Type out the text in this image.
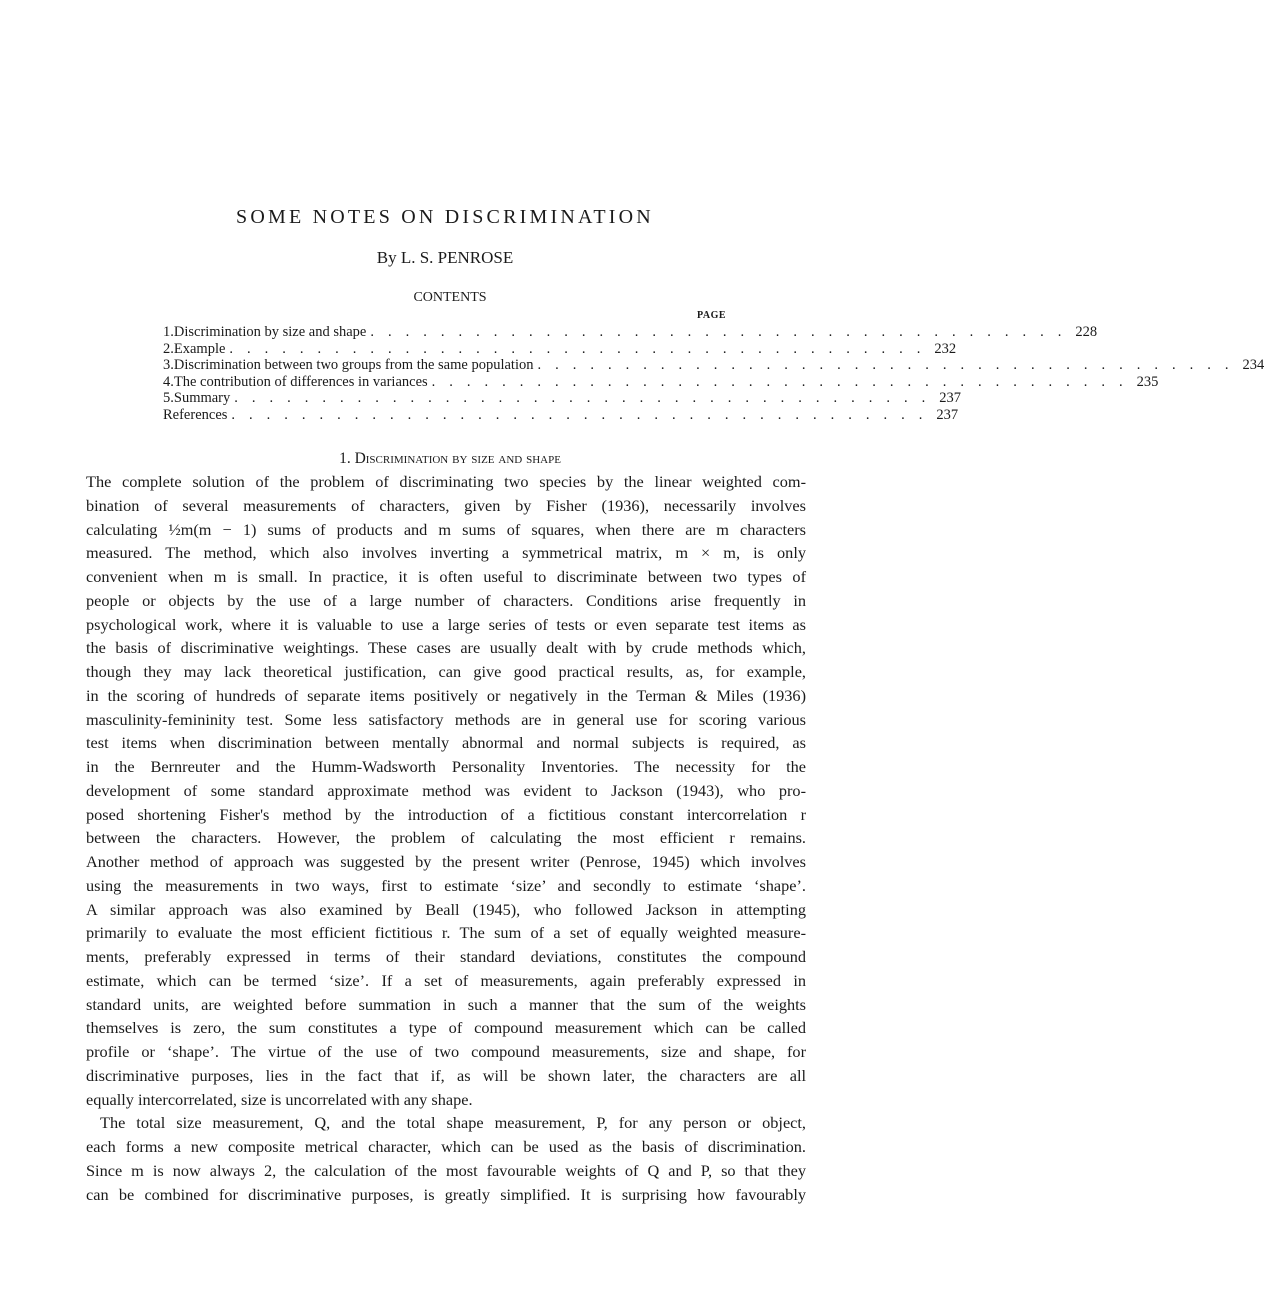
SOME NOTES ON DISCRIMINATION
By L. S. PENROSE
CONTENTS
PAGE
1. Discrimination by size and shape ........................................ 228
2. Example ........................................ 232
3. Discrimination between two groups from the same population ........................................ 234
4. The contribution of differences in variances ........................................ 235
5. Summary ........................................ 237
References ........................................ 237
1. Discrimination by size and shape
The complete solution of the problem of discriminating two species by the linear weighted com-
bination of several measurements of characters, given by Fisher (1936), necessarily involves
calculating ½m(m − 1) sums of products and m sums of squares, when there are m characters
measured. The method, which also involves inverting a symmetrical matrix, m × m, is only
convenient when m is small. In practice, it is often useful to discriminate between two types of
people or objects by the use of a large number of characters. Conditions arise frequently in
psychological work, where it is valuable to use a large series of tests or even separate test items as
the basis of discriminative weightings. These cases are usually dealt with by crude methods which,
though they may lack theoretical justification, can give good practical results, as, for example,
in the scoring of hundreds of separate items positively or negatively in the Terman & Miles (1936)
masculinity-femininity test. Some less satisfactory methods are in general use for scoring various
test items when discrimination between mentally abnormal and normal subjects is required, as
in the Bernreuter and the Humm-Wadsworth Personality Inventories. The necessity for the
development of some standard approximate method was evident to Jackson (1943), who pro-
posed shortening Fisher's method by the introduction of a fictitious constant intercorrelation r
between the characters. However, the problem of calculating the most efficient r remains.
Another method of approach was suggested by the present writer (Penrose, 1945) which involves
using the measurements in two ways, first to estimate ‘size’ and secondly to estimate ‘shape’.
A similar approach was also examined by Beall (1945), who followed Jackson in attempting
primarily to evaluate the most efficient fictitious r. The sum of a set of equally weighted measure-
ments, preferably expressed in terms of their standard deviations, constitutes the compound
estimate, which can be termed ‘size’. If a set of measurements, again preferably expressed in
standard units, are weighted before summation in such a manner that the sum of the weights
themselves is zero, the sum constitutes a type of compound measurement which can be called
profile or ‘shape’. The virtue of the use of two compound measurements, size and shape, for
discriminative purposes, lies in the fact that if, as will be shown later, the characters are all
equally intercorrelated, size is uncorrelated with any shape.
The total size measurement, Q, and the total shape measurement, P, for any person or object,
each forms a new composite metrical character, which can be used as the basis of discrimination.
Since m is now always 2, the calculation of the most favourable weights of Q and P, so that they
can be combined for discriminative purposes, is greatly simplified. It is surprising how favourably
